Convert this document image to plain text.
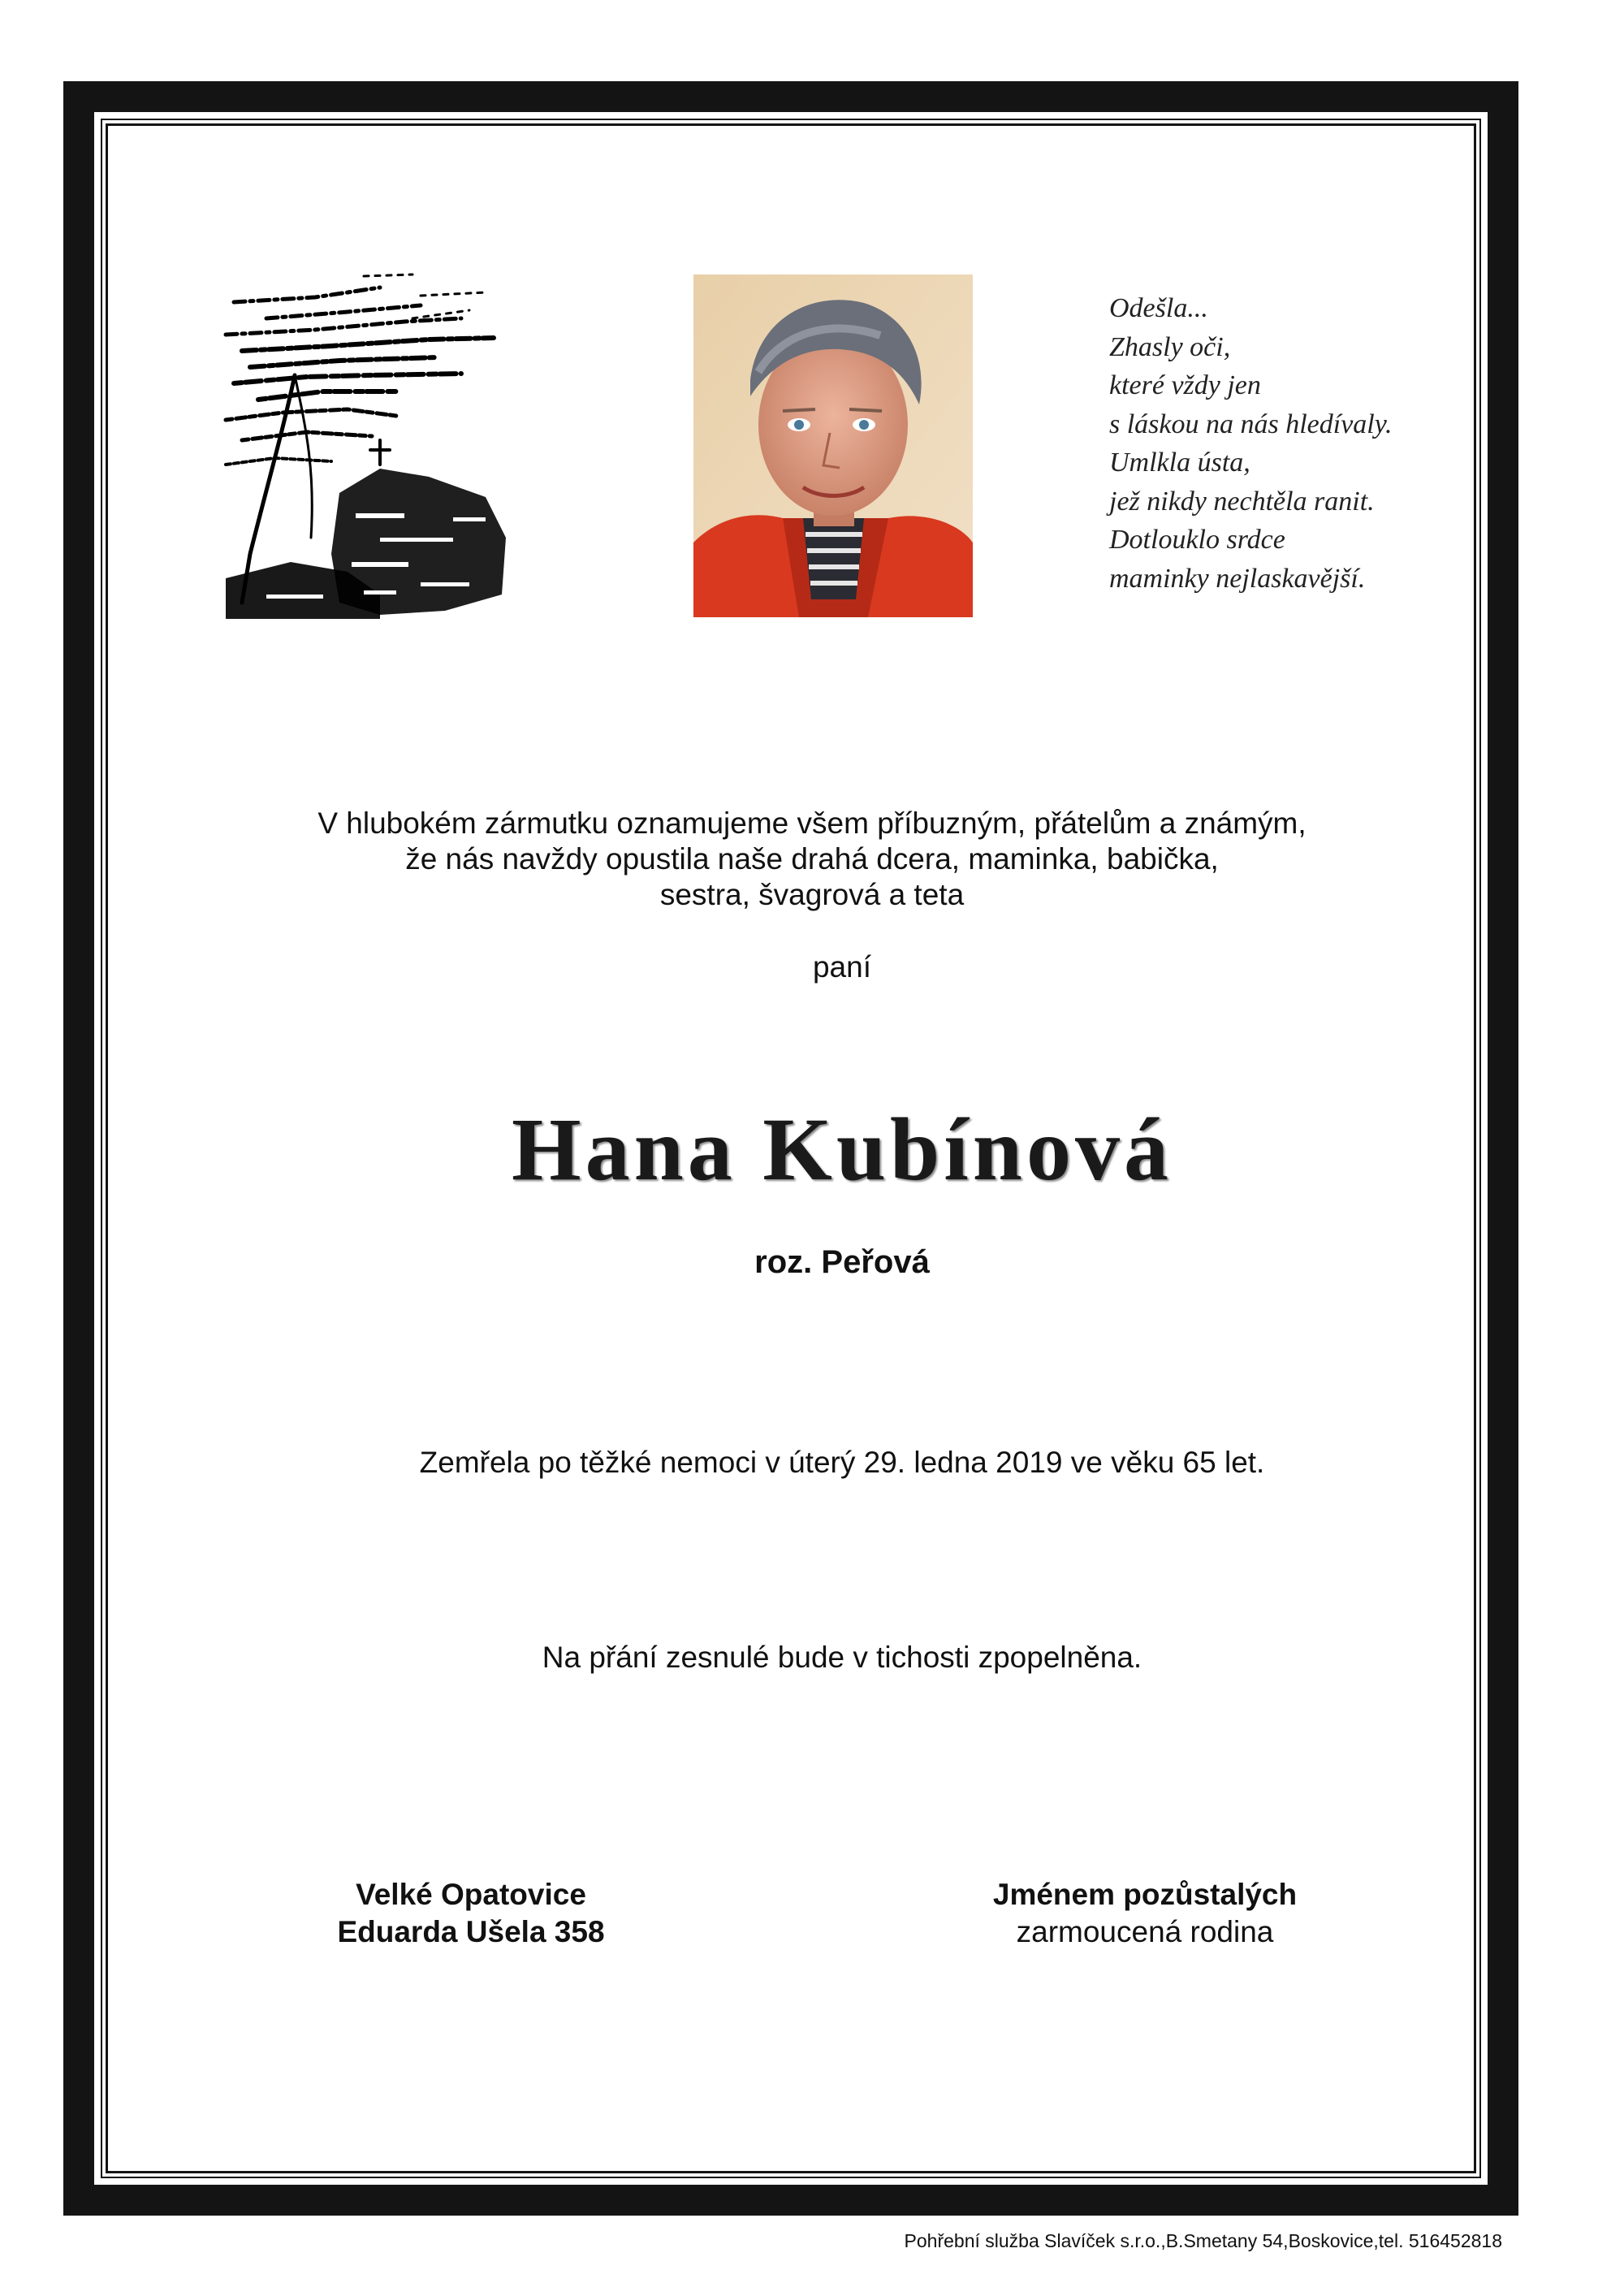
Odešla...
Zhasly oči,
které vždy jen
s láskou na nás hledívaly.
Umlkla ústa,
jež nikdy nechtěla ranit.
Dotlouklo srdce
maminky nejlaskavější.
V hlubokém zármutku oznamujeme všem příbuzným, přátelům a známým,
že nás navždy opustila naše drahá dcera, maminka, babička,
sestra, švagrová a teta
paní
Hana Kubínová
roz. Peřová
Zemřela po těžké nemoci v úterý 29. ledna 2019 ve věku 65 let.
Na přání zesnulé bude v tichosti zpopelněna.
Velké Opatovice
Eduarda Ušela 358
Jménem pozůstalých
zarmoucená rodina
Pohřební služba Slavíček s.r.o.,B.Smetany 54,Boskovice,tel. 516452818
